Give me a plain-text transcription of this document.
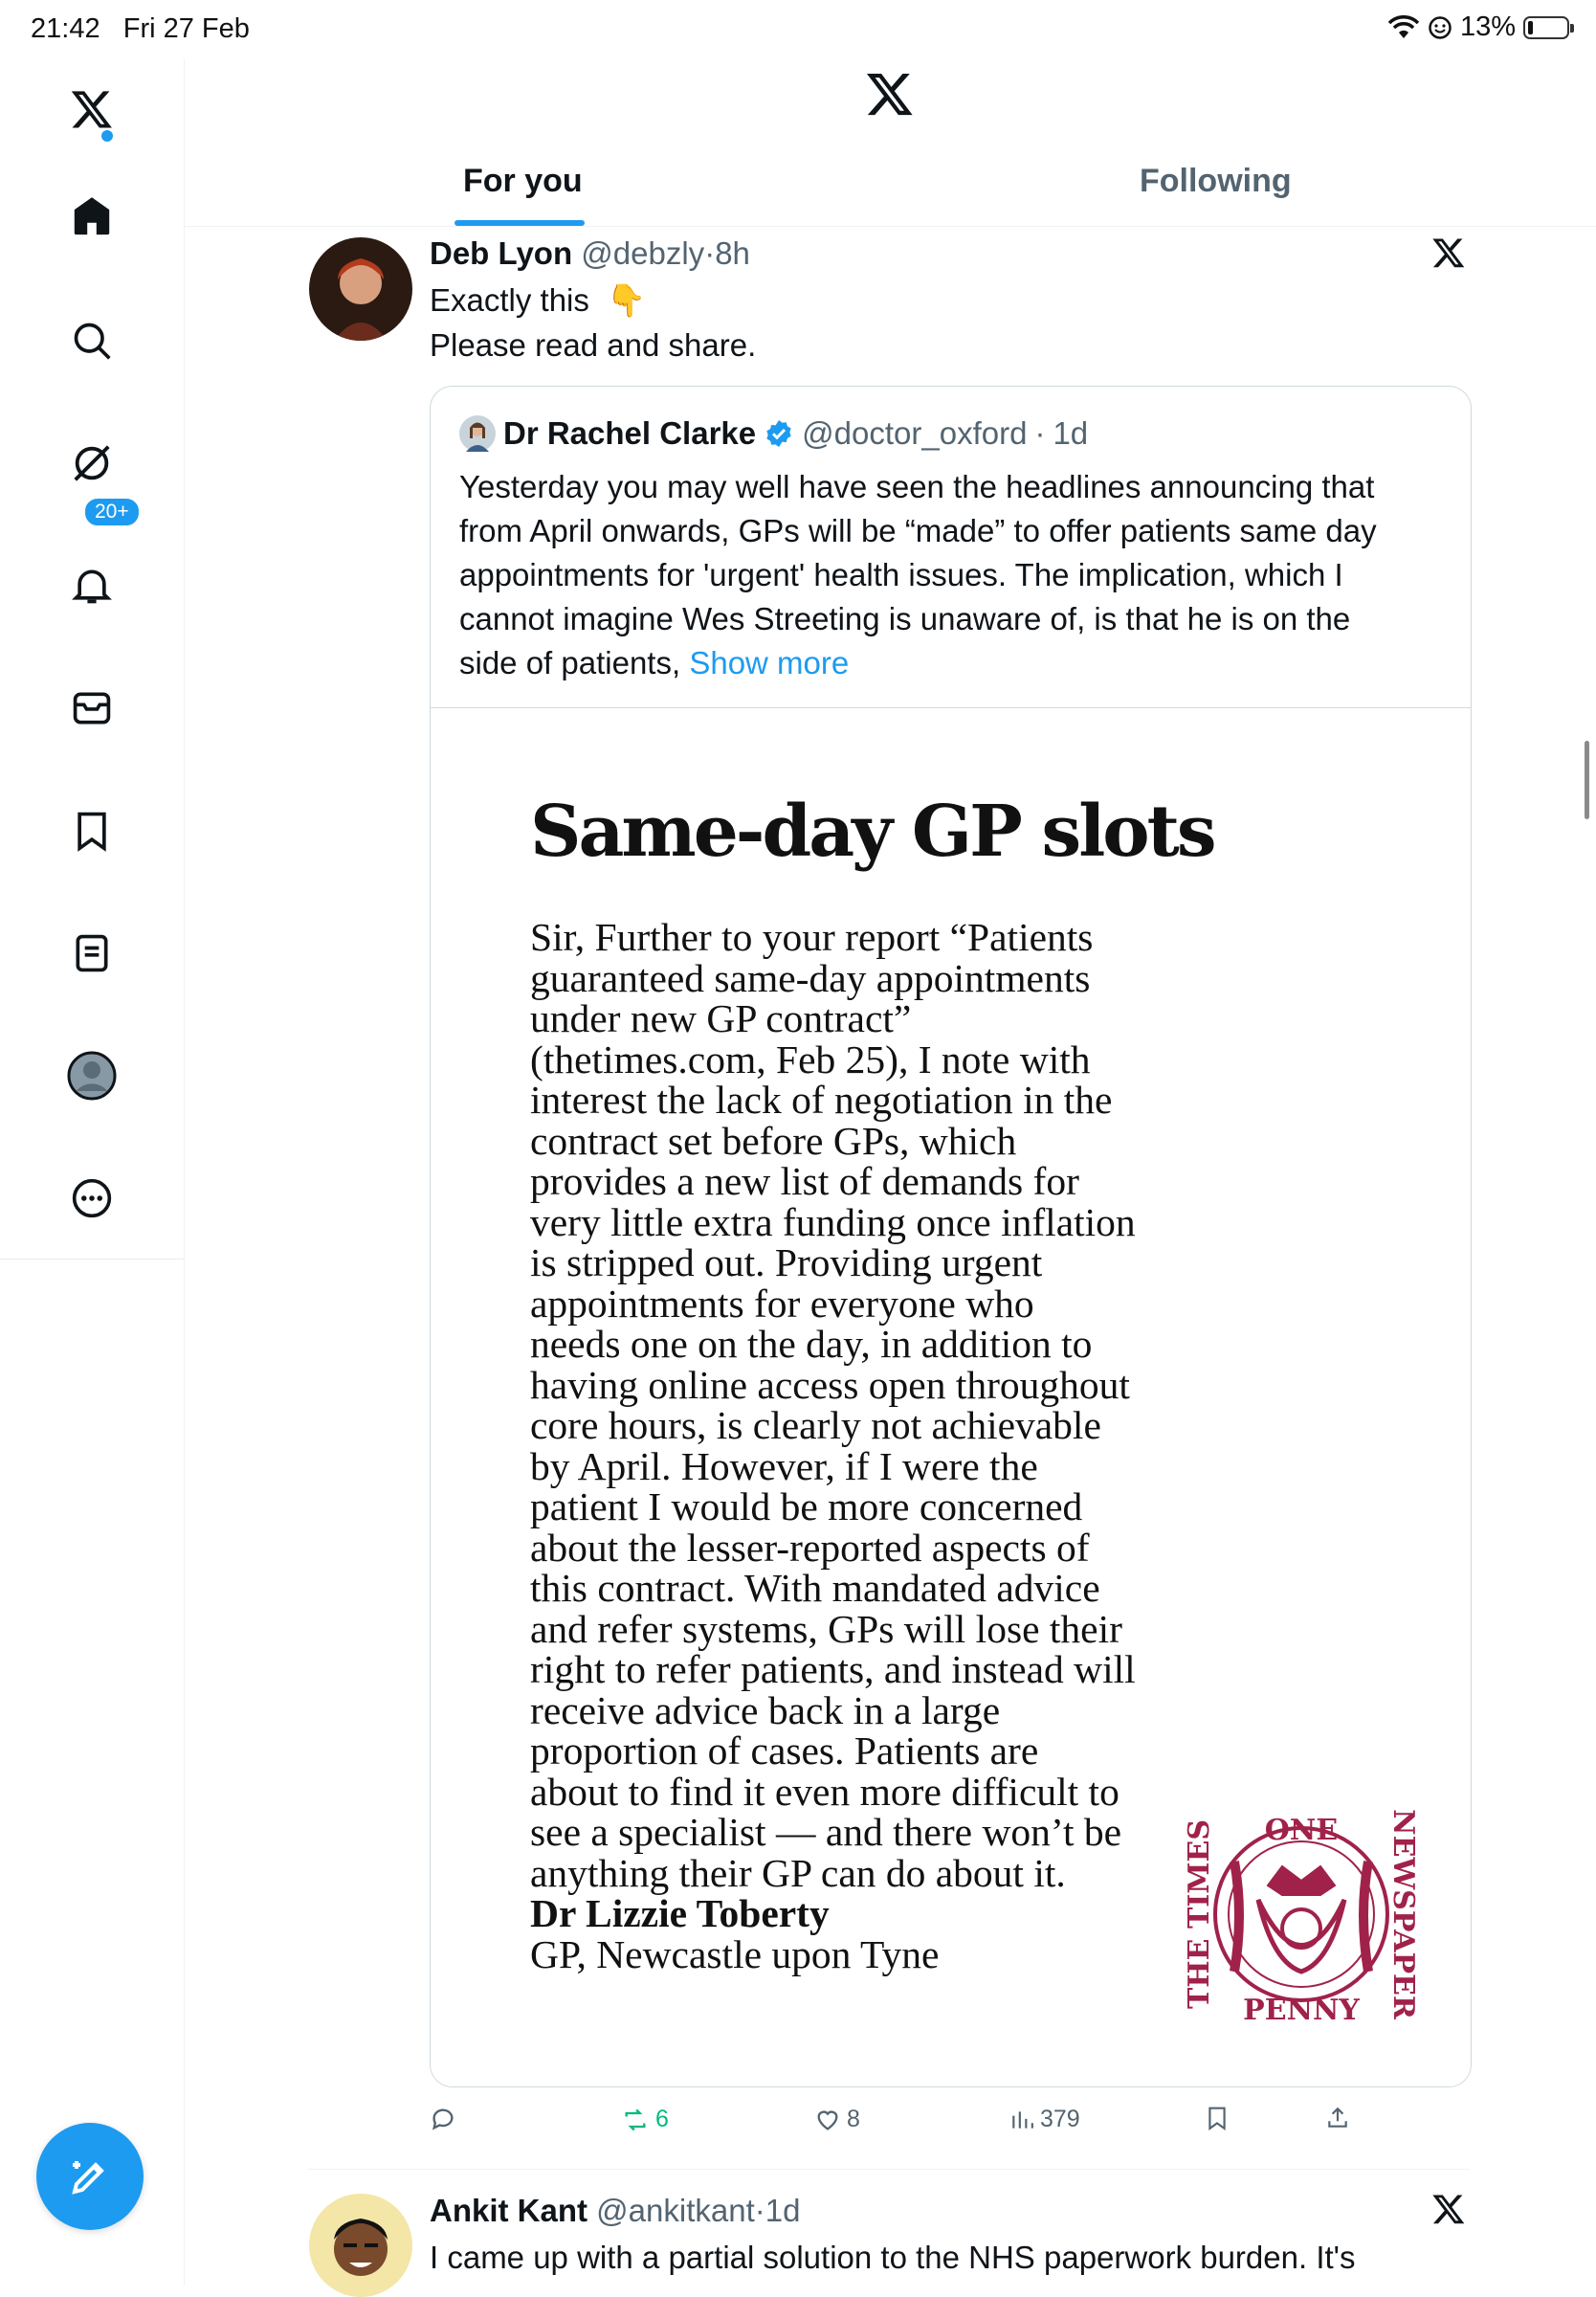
21:42 Fri 27 Feb	13%
20+
For you	Following
Deb Lyon @debzly·8h
Exactly this 👇
Please read and share.
Dr Rachel Clarke @doctor_oxford · 1d
Yesterday you may well have seen the headlines announcing that
from April onwards, GPs will be “made” to offer patients same day
appointments for 'urgent' health issues. The implication, which I
cannot imagine Wes Streeting is unaware of, is that he is on the
side of patients, Show more
Same-day GP slots
Sir, Further to your report “Patients
guaranteed same-day appointments
under new GP contract”
(thetimes.com, Feb 25), I note with
interest the lack of negotiation in the
contract set before GPs, which
provides a new list of demands for
very little extra funding once inflation
is stripped out. Providing urgent
appointments for everyone who
needs one on the day, in addition to
having online access open throughout
core hours, is clearly not achievable
by April. However, if I were the
patient I would be more concerned
about the lesser-reported aspects of
this contract. With mandated advice
and refer systems, GPs will lose their
right to refer patients, and instead will
receive advice back in a large
proportion of cases. Patients are
about to find it even more difficult to
see a specialist — and there won’t be
anything their GP can do about it.
Dr Lizzie Toberty
GP, Newcastle upon Tyne
ONE
PENNY
THE TIMES	NEWSPAPER
6	8	379
Ankit Kant @ankitkant·1d
I came up with a partial solution to the NHS paperwork burden. It's
